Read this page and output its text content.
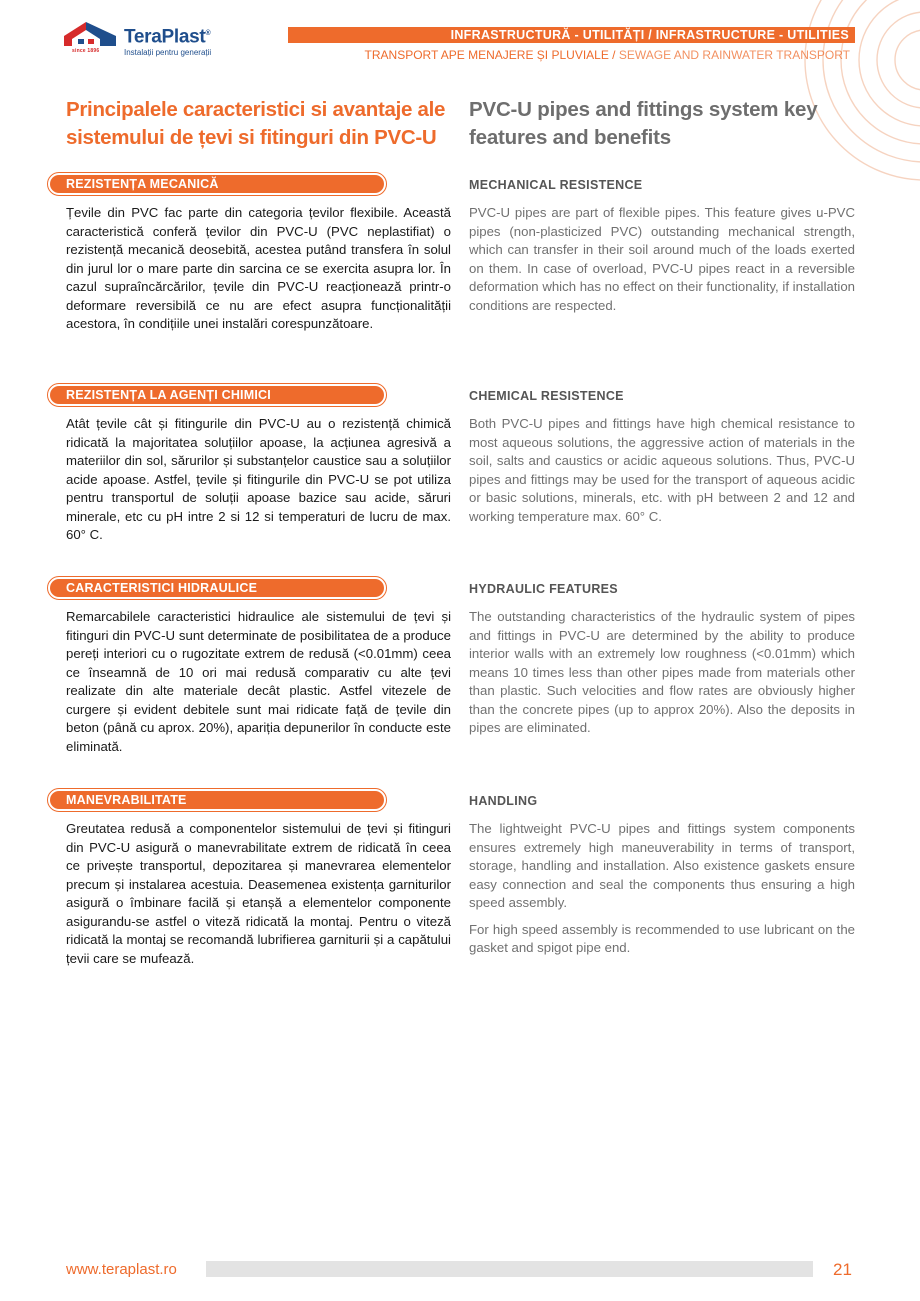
since 1896
TeraPlast®
Instalații pentru generații
INFRASTRUCTURĂ - UTILITĂȚI / INFRASTRUCTURE - UTILITIES
TRANSPORT APE MENAJERE ȘI PLUVIALE / SEWAGE AND RAINWATER TRANSPORT
Principalele caracteristici si avantaje ale sistemului de țevi si fitinguri din PVC-U
PVC-U pipes and fittings system key features and benefits
REZISTENȚA MECANICĂ	MECHANICAL RESISTENCE

Țevile din PVC fac parte din categoria țevilor flexibile. Această caracteristică conferă țevilor din PVC-U (PVC neplastifiat) o rezistență mecanică deosebită, acestea putând transfera în solul din jurul lor o mare parte din sarcina ce se exercita asupra lor. În cazul supraîncărcărilor, țevile din PVC-U reacționează printr-o deformare reversibilă ce nu are efect asupra funcționalității acestora, în condițiile unei instalări corespunzătoare.

PVC-U pipes are part of flexible pipes. This feature gives u-PVC pipes (non-plasticized PVC) outstanding mechanical strength, which can transfer in their soil around much of the loads exerted on them. In case of overload, PVC-U pipes react in a reversible deformation which has no effect on their functionality, if installation conditions are respected.

REZISTENȚA LA AGENȚI CHIMICI	CHEMICAL RESISTENCE

Atât țevile cât și fitingurile din PVC-U au o rezistență chimică ridicată la majoritatea soluțiilor apoase, la acțiunea agresivă a materiilor din sol, sărurilor și substanțelor caustice sau a soluțiilor acide apoase. Astfel, țevile și fitingurile din PVC-U se pot utiliza pentru transportul de soluții apoase bazice sau acide, săruri minerale, etc cu pH intre 2 si 12 si temperaturi de lucru de max. 60° C.

Both PVC-U pipes and fittings have high chemical resistance to most aqueous solutions, the aggressive action of materials in the soil, salts and caustics or acidic aqueous solutions. Thus, PVC-U pipes and fittings may be used for the transport of aqueous acidic or basic solutions, minerals, etc. with pH between 2 and 12 and working temperature max. 60° C.

CARACTERISTICI HIDRAULICE	HYDRAULIC FEATURES

Remarcabilele caracteristici hidraulice ale sistemului de țevi și fitinguri din PVC-U sunt determinate de posibilitatea de a produce pereți interiori cu o rugozitate extrem de redusă (<0.01mm) ceea ce înseamnă de 10 ori mai redusă comparativ cu alte țevi realizate din alte materiale decât plastic. Astfel vitezele de curgere și evident debitele sunt mai ridicate față de țevile din beton (până cu aprox. 20%), apariția depunerilor în conducte este eliminată.

The outstanding characteristics of the hydraulic system of pipes and fittings in PVC-U are determined by the ability to produce interior walls with an extremely low roughness (<0.01mm) which means 10 times less than other pipes made from materials other than plastic. Such velocities and flow rates are obviously higher than the concrete pipes (up to approx 20%). Also the deposits in pipes are eliminated.

MANEVRABILITATE	HANDLING

Greutatea redusă a componentelor sistemului de țevi și fitinguri din PVC-U asigură o manevrabilitate extrem de ridicată în ceea ce privește transportul, depozitarea și manevrarea elementelor precum și instalarea acestuia. Deasemenea existența garniturilor asigură o îmbinare facilă și etanșă a elementelor componente asigurandu-se astfel o viteză ridicată la montaj. Pentru o viteză ridicată la montaj se recomandă lubrifierea garniturii și a capătului țevii care se mufează.

The lightweight PVC-U pipes and fittings system components ensures extremely high maneuverability in terms of transport, storage, handling and installation. Also existence gaskets ensure easy connection and seal the components thus ensuring a high speed assembly.

For high speed assembly is recommended to use lubricant on the gasket and spigot pipe end.

www.teraplast.ro	21
